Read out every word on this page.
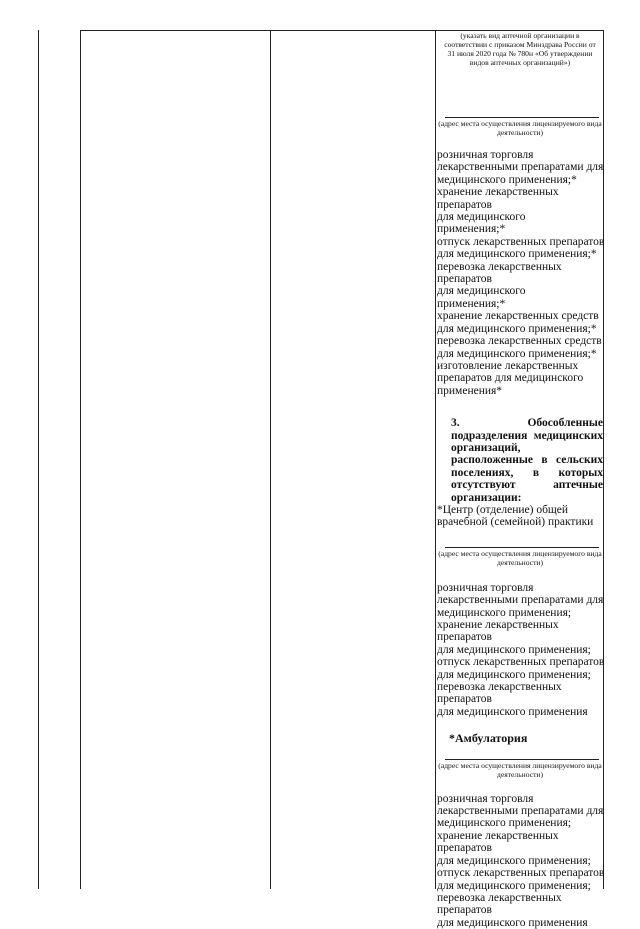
(указать вид аптечной организации в соответствии с приказом Минздрава России от 31 июля 2020 года № 780н «Об утверждении видов аптечных организаций»)
(адрес места осуществления лицензируемого вида деятельности)
розничная торговля
лекарственными препаратами для
медицинского применения;*
хранение лекарственных
препаратов
для медицинского
применения;*
отпуск лекарственных препаратов
для медицинского применения;*
перевозка лекарственных
препаратов
для медицинского
применения;*
хранение лекарственных средств
для медицинского применения;*
перевозка лекарственных средств
для медицинского применения;*
изготовление лекарственных
препаратов для медицинского
применения*
3. Обособленные подразделения медицинских организаций, расположенные в сельских поселениях, в которых отсутствуют аптечные организации:
*Центр (отделение) общей врачебной (семейной) практики
(адрес места осуществления лицензируемого вида деятельности)
розничная торговля
лекарственными препаратами для
медицинского применения;
хранение лекарственных
препаратов
для медицинского применения;
отпуск лекарственных препаратов
для медицинского применения;
перевозка лекарственных
препаратов
для медицинского применения
*Амбулатория
(адрес места осуществления лицензируемого вида деятельности)
розничная торговля
лекарственными препаратами для
медицинского применения;
хранение лекарственных
препаратов
для медицинского применения;
отпуск лекарственных препаратов
для медицинского применения;
перевозка лекарственных
препаратов
для медицинского применения
